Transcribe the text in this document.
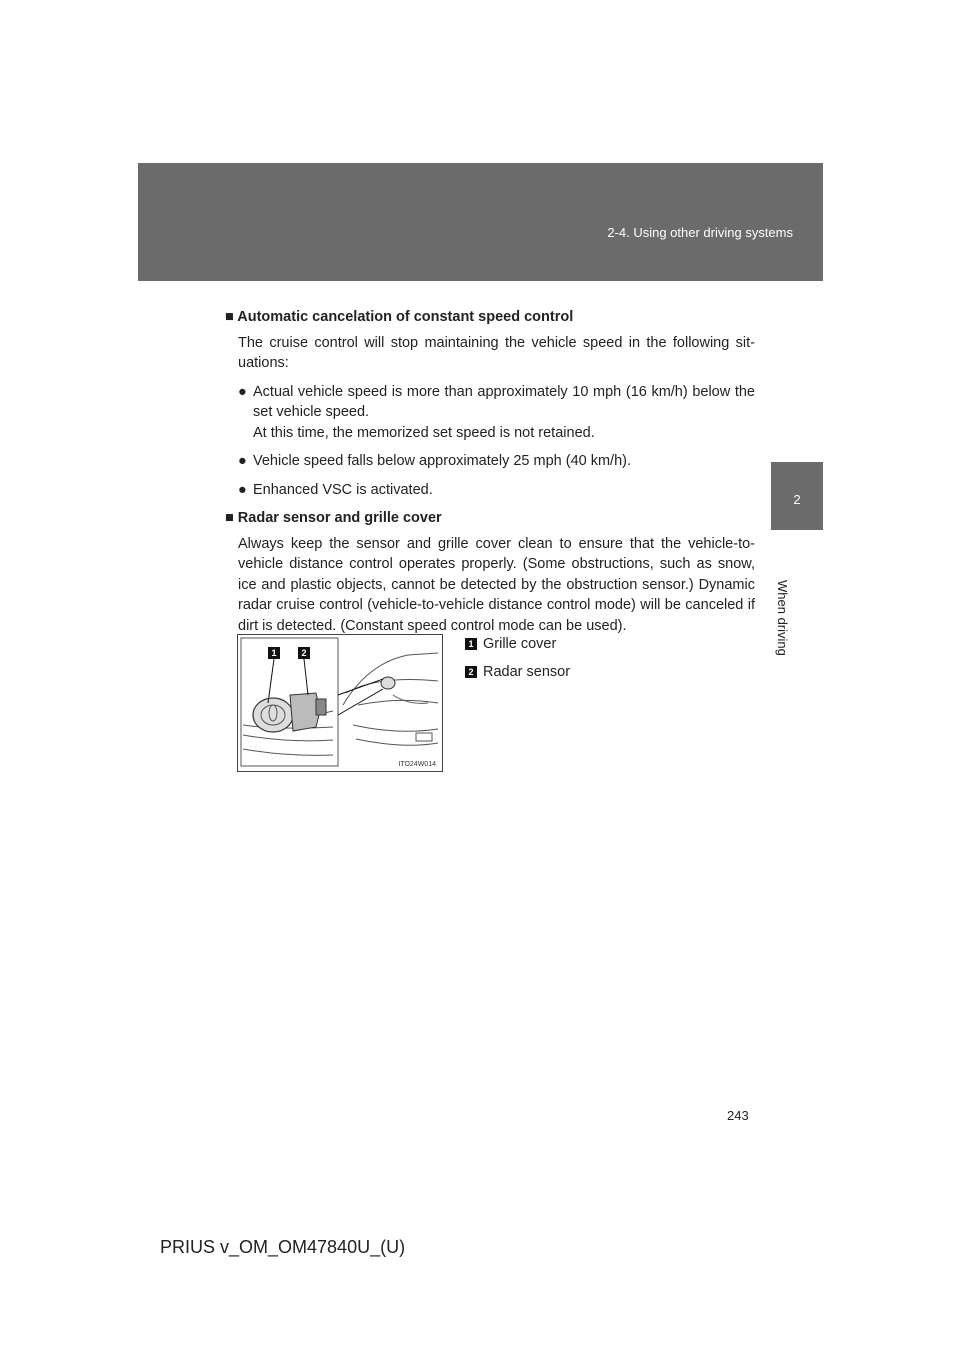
2-4. Using other driving systems
2
When driving

■ Automatic cancelation of constant speed control

The cruise control will stop maintaining the vehicle speed in the following sit-uations:

● Actual vehicle speed is more than approximately 10 mph (16 km/h) below the set vehicle speed.
At this time, the memorized set speed is not retained.
● Vehicle speed falls below approximately 25 mph (40 km/h).
● Enhanced VSC is activated.

■ Radar sensor and grille cover

Always keep the sensor and grille cover clean to ensure that the vehicle-to-vehicle distance control operates properly. (Some obstructions, such as snow, ice and plastic objects, cannot be detected by the obstruction sensor.) Dynamic radar cruise control (vehicle-to-vehicle distance control mode) will be canceled if dirt is detected. (Constant speed control mode can be used).

1	2
ITO24W014
1 Grille cover
2 Radar sensor
243
PRIUS v_OM_OM47840U_(U)
